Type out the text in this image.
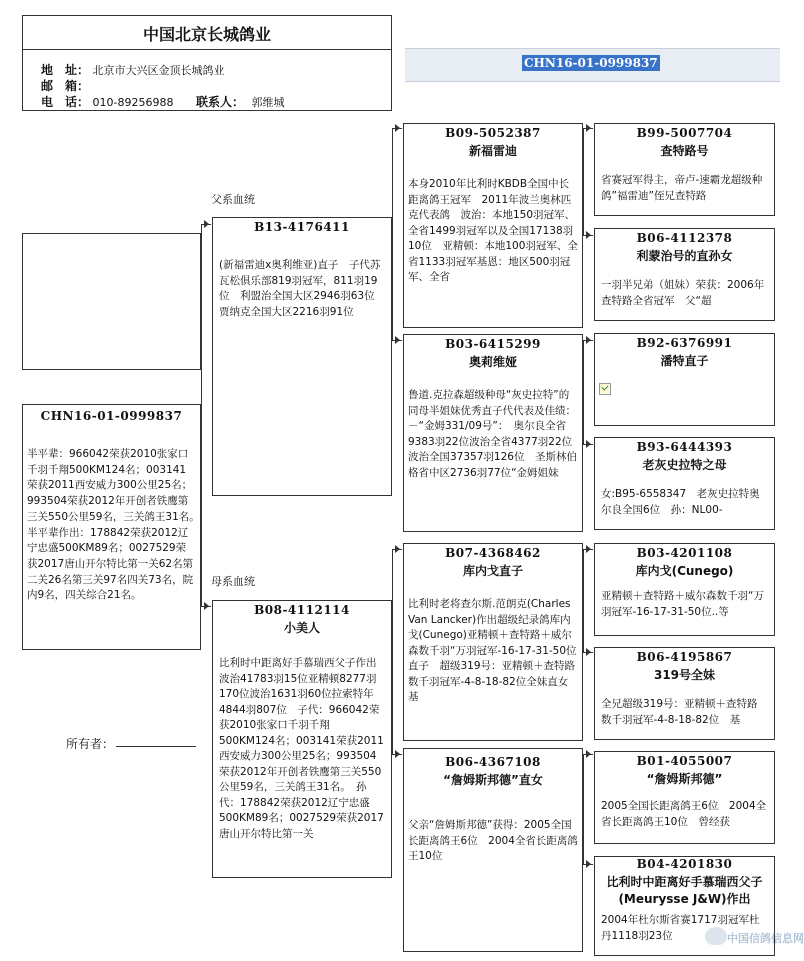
中国北京长城鸽业
地　址： 北京市大兴区金顶长城鸽业
邮　箱：
电　话： 010-89256988 联系人： 郭维城
CHN16-01-0999837
CHN16-01-0999837
半平辈：966042荣获2010张家口千羽千翔500KM124名；003141荣获2011西安威力300公里25名；993504荣获2012年开创者铁鹰第三关550公里59名，三关鸽王31名。　半平辈作出：178842荣获2012辽宁忠盛500KM89名；0027529荣获2017唐山开尔特比第一关62名第二关26名第三关97名四关73名，院内9名，四关综合21名。
所有者：
父系血统
母系血统
B13-4176411
(新福雷迪x奥利维亚)直子　子代苏瓦松俱乐部819羽冠军，811羽19位　利盟治全国大区2946羽63位　贾纳克全国大区2216羽91位
B08-4112114
小美人
比利时中距离好手慕瑞西父子作出波治41783羽15位亚精顿8277羽170位波治1631羽60位拉索特年4844羽807位　子代：966042荣获2010张家口千羽千翔500KM124名；003141荣获2011西安威力300公里25名；993504荣获2012年开创者铁鹰第三关550公里59名，三关鸽王31名。　孙代：178842荣获2012辽宁忠盛500KM89名；0027529荣获2017唐山开尔特比第一关
B09-5052387
新福雷迪
本身2010年比利时KBDB全国中长距离鸽王冠军　2011年波兰奥林匹克代表鸽　波治：本地150羽冠军、全省1499羽冠军以及全国17138羽10位　亚精顿：本地100羽冠军、全省1133羽冠军基恩：地区500羽冠军、全省
B03-6415299
奥莉维娅
鲁道.克拉森超级种母“灰史拉特”的同母半姐妹优秀直子代代表及佳绩：－“金姆331/09号”：　奥尔良全省9383羽22位波治全省4377羽22位　波治全国37357羽126位　圣斯林伯格省中区2736羽77位“金姆姐妹
B07-4368462
库内戈直子
比利时老将查尔斯.范朗克(Charles Van Lancker)作出超级纪录鸽库内戈(Cunego)亚精顿＋查特路＋威尔森数千羽“万羽冠军-16-17-31-50位直子　超级319号：亚精顿＋查特路数千羽冠军-4-8-18-82位全妹直女　基
B06-4367108
“詹姆斯邦德”直女
父亲“詹姆斯邦德”获得：2005全国长距离鸽王6位　2004全省长距离鸽王10位
B99-5007704
查特路号
省赛冠军得主，帝卢-速霸龙超级种鸽”福雷迪”侄兄查特路
B06-4112378
利蒙治号的直孙女
一羽半兄弟（姐妹）荣获：2006年查特路全省冠军　父“超
B92-6376991
潘特直子
B93-6444393
老灰史拉特之母
女:B95-6558347　老灰史拉特奥尔良全国6位　孙：NL00-
B03-4201108
库内戈(Cunego)
亚精顿＋查特路＋威尔森数千羽“万羽冠军-16-17-31-50位..等
B06-4195867
319号全妹
全兄超级319号：亚精顿＋查特路数千羽冠军-4-8-18-82位　基
B01-4055007
“詹姆斯邦德”
2005全国长距离鸽王6位　2004全省长距离鸽王10位　曾经获
B04-4201830
比利时中距离好手慕瑞西父子(Meurysse J&W)作出
2004年杜尔斯省赛1717羽冠军杜丹1118羽23位	中国信鸽信息网
